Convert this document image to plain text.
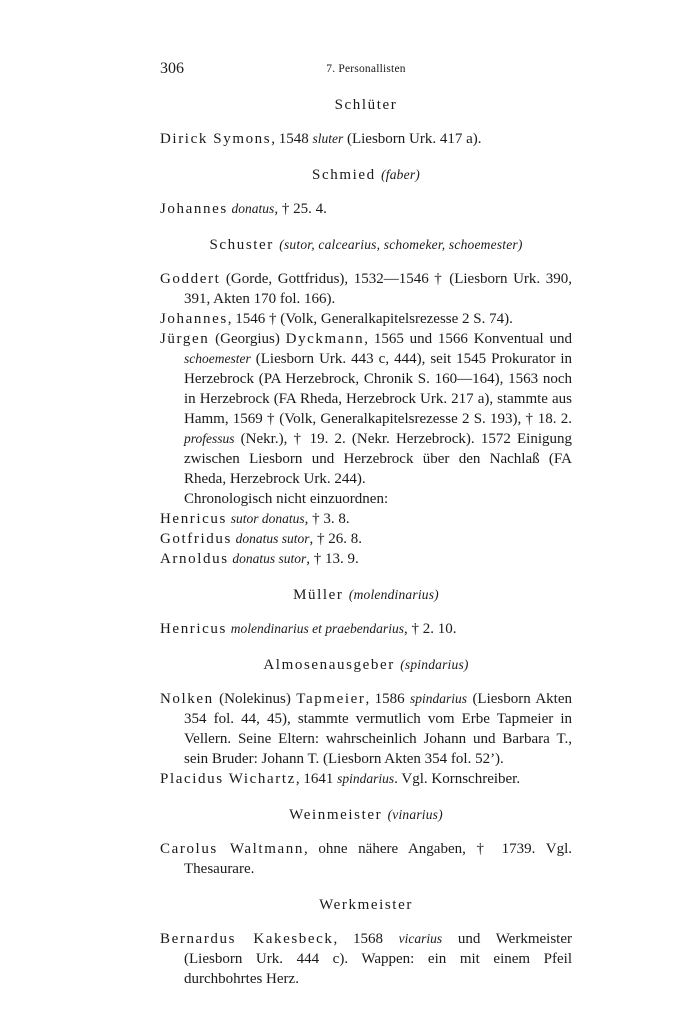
306	7. Personallisten
Schlüter
Dirick Symons, 1548 sluter (Liesborn Urk. 417 a).
Schmied (faber)
Johannes donatus, † 25. 4.
Schuster (sutor, calcearius, schomeker, schoemester)
Goddert (Gorde, Gottfridus), 1532—1546 † (Liesborn Urk. 390, 391, Akten 170 fol. 166).
Johannes, 1546 † (Volk, Generalkapitelsrezesse 2 S. 74).
Jürgen (Georgius) Dyckmann, 1565 und 1566 Konventual und schoemester (Liesborn Urk. 443 c, 444), seit 1545 Prokurator in Herzebrock (PA Herzebrock, Chronik S. 160—164), 1563 noch in Herzebrock (FA Rheda, Herzebrock Urk. 217 a), stammte aus Hamm, 1569 † (Volk, Generalkapitelsrezesse 2 S. 193), † 18. 2. professus (Nekr.), † 19. 2. (Nekr. Herzebrock). 1572 Einigung zwischen Liesborn und Herzebrock über den Nachlaß (FA Rheda, Herzebrock Urk. 244).
Chronologisch nicht einzuordnen:
Henricus sutor donatus, † 3. 8.
Gotfridus donatus sutor, † 26. 8.
Arnoldus donatus sutor, † 13. 9.
Müller (molendinarius)
Henricus molendinarius et praebendarius, † 2. 10.
Almosenausgeber (spindarius)
Nolken (Nolekinus) Tapmeier, 1586 spindarius (Liesborn Akten 354 fol. 44, 45), stammte vermutlich vom Erbe Tapmeier in Vellern. Seine Eltern: wahrscheinlich Johann und Barbara T., sein Bruder: Johann T. (Liesborn Akten 354 fol. 52’).
Placidus Wichartz, 1641 spindarius. Vgl. Kornschreiber.
Weinmeister (vinarius)
Carolus Waltmann, ohne nähere Angaben, † 1739. Vgl. Thesaurare.
Werkmeister
Bernardus Kakesbeck, 1568 vicarius und Werkmeister (Liesborn Urk. 444 c). Wappen: ein mit einem Pfeil durchbohrtes Herz.
